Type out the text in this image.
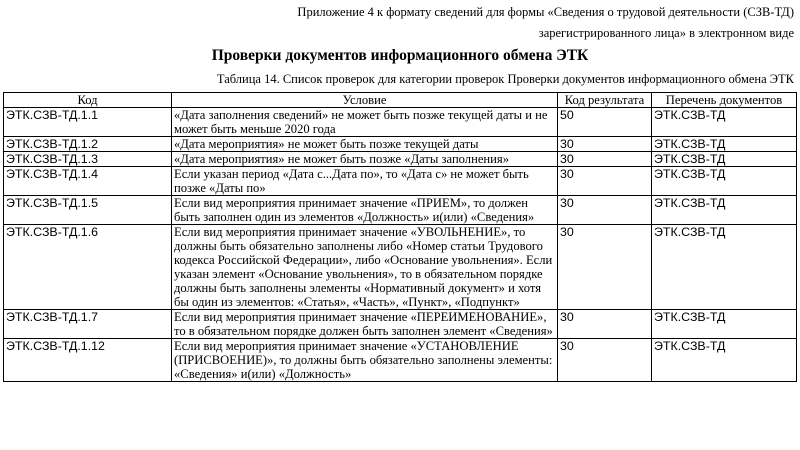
Приложение 4 к формату сведений для формы «Сведения о трудовой деятельности (СЗВ-ТД)
зарегистрированного лица» в электронном виде
Проверки документов информационного обмена ЭТК
Таблица 14. Список проверок для категории проверок Проверки документов информационного обмена ЭТК
Код	Условие	Код результата	Перечень документов
ЭТК.СЗВ-ТД.1.1	«Дата заполнения сведений» не может быть позже текущей даты и не может быть меньше 2020 года	50	ЭТК.СЗВ-ТД
ЭТК.СЗВ-ТД.1.2	«Дата мероприятия» не может быть позже текущей даты	30	ЭТК.СЗВ-ТД
ЭТК.СЗВ-ТД.1.3	«Дата мероприятия» не может быть позже «Даты заполнения»	30	ЭТК.СЗВ-ТД
ЭТК.СЗВ-ТД.1.4	Если указан период «Дата с...Дата по», то «Дата с» не может быть позже «Даты по»	30	ЭТК.СЗВ-ТД
ЭТК.СЗВ-ТД.1.5	Если вид мероприятия принимает значение «ПРИЕМ», то должен быть заполнен один из элементов «Должность» и(или) «Сведения»	30	ЭТК.СЗВ-ТД
ЭТК.СЗВ-ТД.1.6	Если вид мероприятия принимает значение «УВОЛЬНЕНИЕ», то должны быть обязательно заполнены либо «Номер статьи Трудового кодекса Российской Федерации», либо «Основание увольнения». Если указан элемент «Основание увольнения», то в обязательном порядке должны быть заполнены элементы «Нормативный документ» и хотя бы один из элементов: «Статья», «Часть», «Пункт», «Подпункт»	30	ЭТК.СЗВ-ТД
ЭТК.СЗВ-ТД.1.7	Если вид мероприятия принимает значение «ПЕРЕИМЕНОВАНИЕ», то в обязательном порядке должен быть заполнен элемент «Сведения»	30	ЭТК.СЗВ-ТД
ЭТК.СЗВ-ТД.1.12	Если вид мероприятия принимает значение «УСТАНОВЛЕНИЕ (ПРИСВОЕНИЕ)», то должны быть обязательно заполнены элементы: «Сведения» и(или) «Должность»	30	ЭТК.СЗВ-ТД
